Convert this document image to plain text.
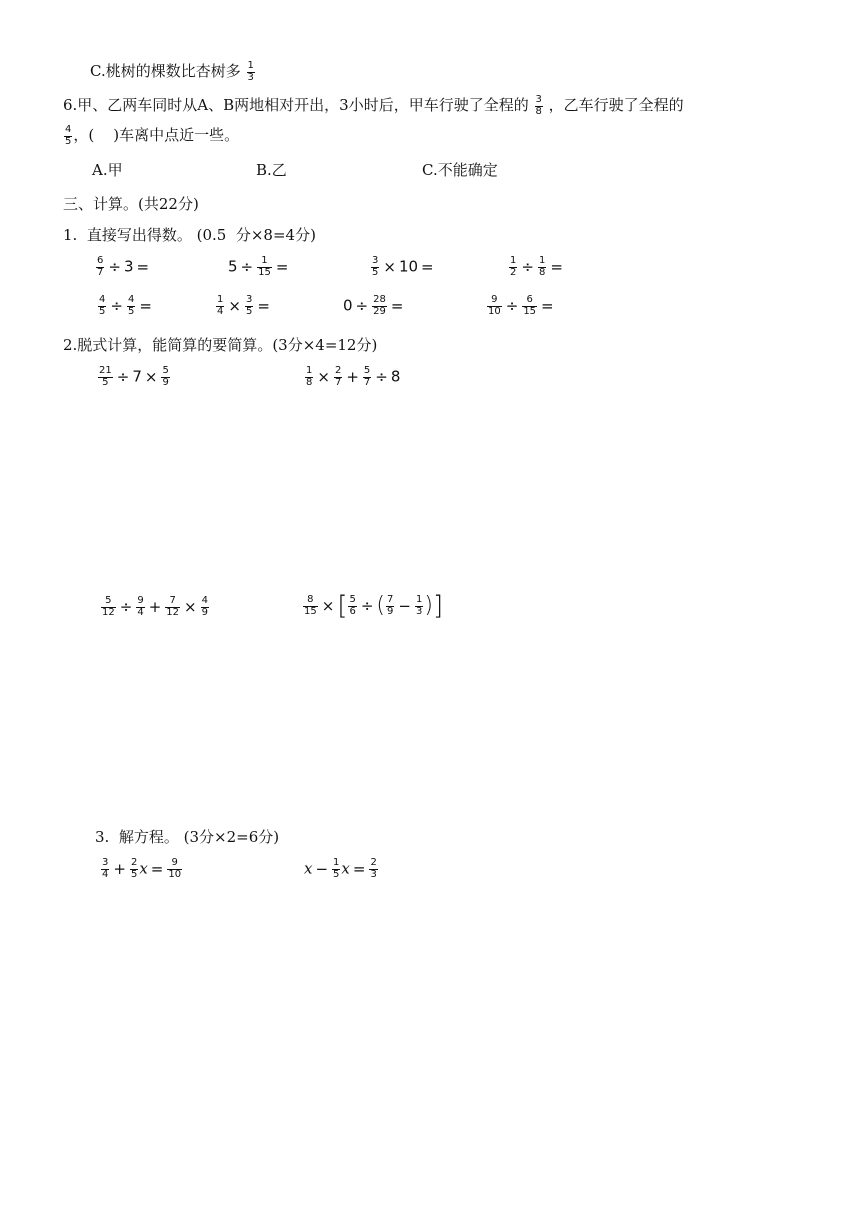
C.桃树的棵数比杏树多 $\frac{1}{3}$
6.甲、乙两车同时从A、B两地相对开出，3小时后，甲车行驶了全程的 $\frac{3}{8}$ ，乙车行驶了全程的
$\frac{4}{5}$ ，(    )车离中点近一些。
A.甲	B.乙	C.不能确定
三、计算。(共22分)
1.  直接写出得数。 (0.5  分×8=4分)
$\frac{6}{7} \div 3$ =	$5 \div \frac{1}{15}$ =	$\frac{3}{5} \times 10$ =	$\frac{1}{2} \div \frac{1}{8}$ =
$\frac{4}{5} \div \frac{4}{5}$ =	$\frac{1}{4} \times \frac{3}{5}$ =	$0 \div \frac{28}{29}$ =	$\frac{9}{10} \div \frac{6}{15}$ =
2.脱式计算，能简算的要简算。(3分×4=12分)
$\frac{21}{5} \div 7 \times \frac{5}{9}$	$\frac{1}{8} \times \frac{2}{7} + \frac{5}{7} \div 8$
$\frac{5}{12} \div \frac{9}{4} + \frac{7}{12} \times \frac{4}{9}$	$\frac{8}{15}$ × [ $\frac{5}{6}$ ÷ ( $\frac{7}{9} - \frac{1}{3}$ )]
3.  解方程。 (3分×2=6分)
$\frac{3}{4} + \frac{2}{5}$ $x = \frac{9}{10}$	$x - \frac{1}{5}$ $x = \frac{2}{3}$
